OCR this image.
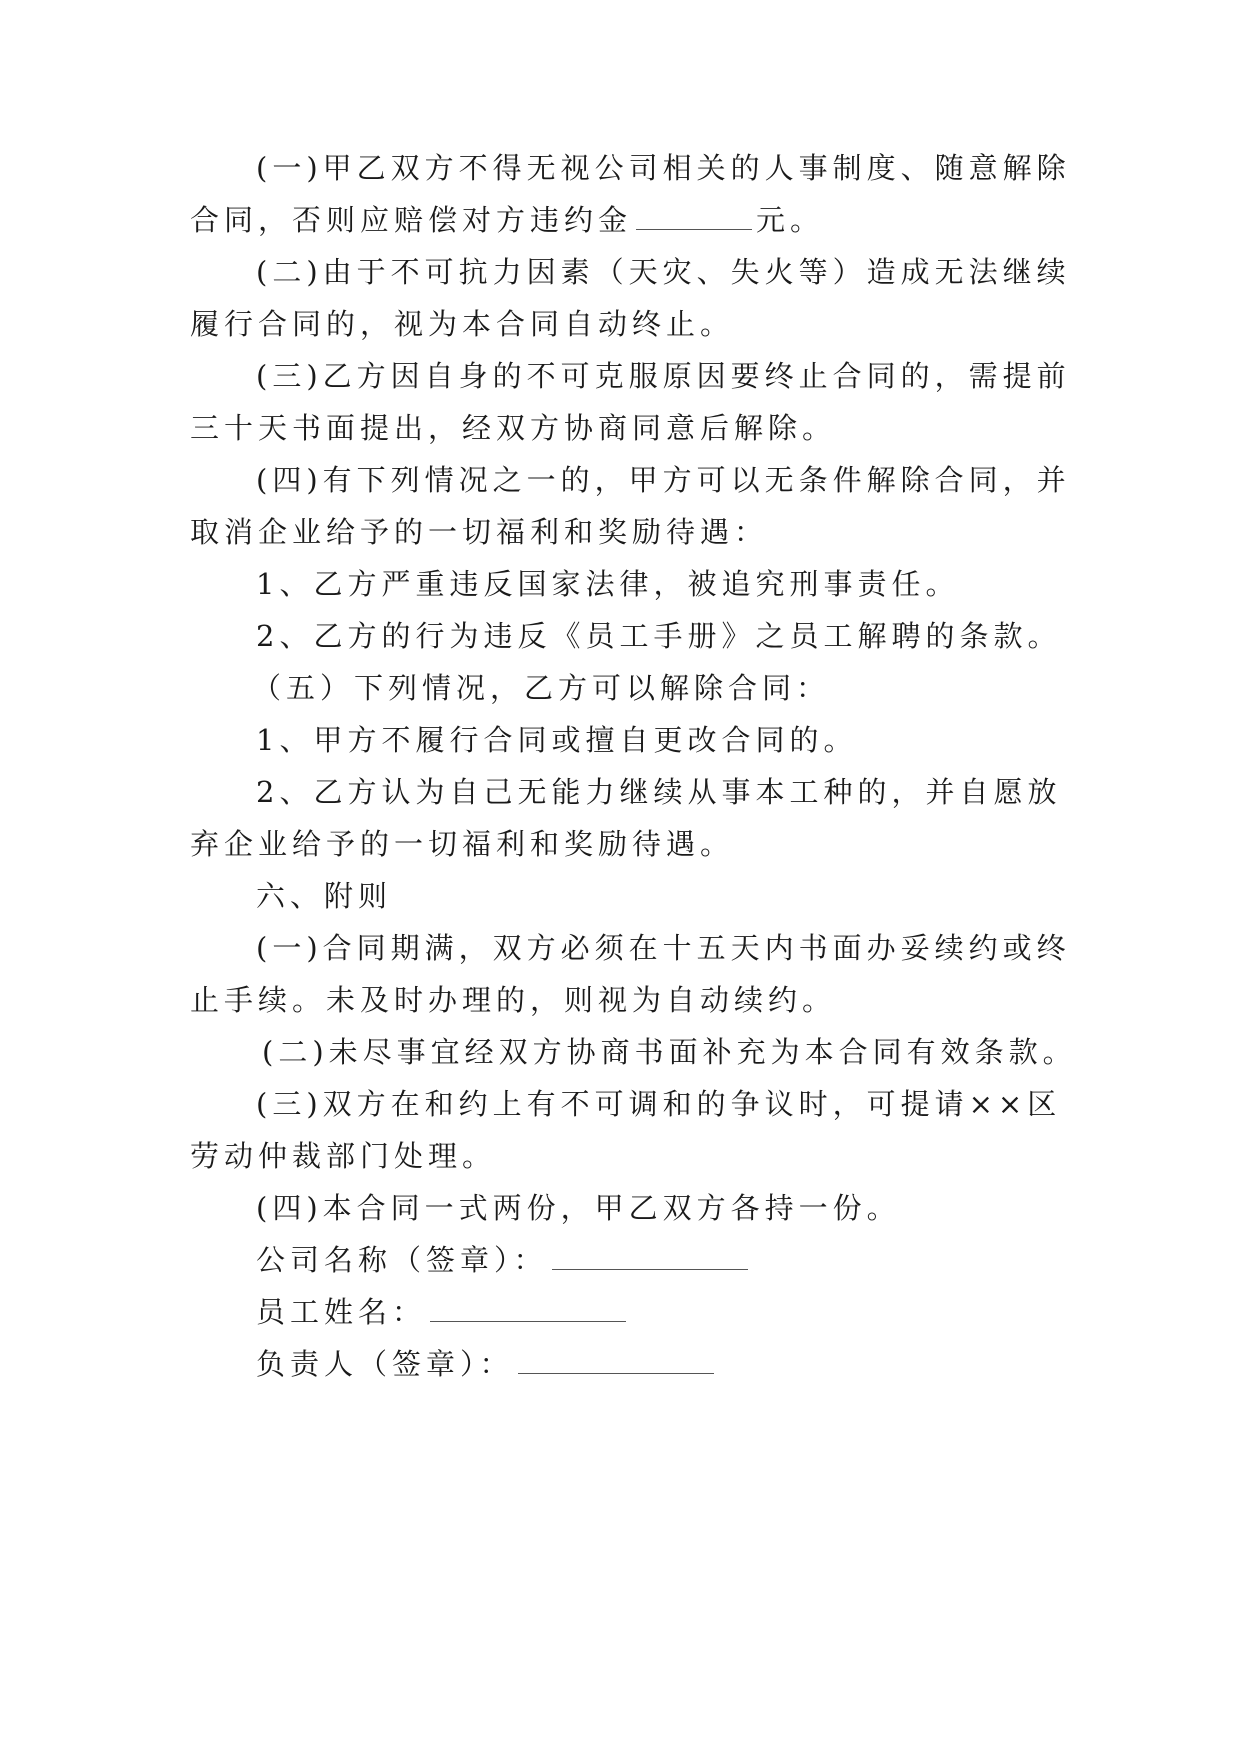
(一)甲乙双方不得无视公司相关的人事制度、随意解除
合同，否则应赔偿对方违约金	元。
(二)由于不可抗力因素（天灾、失火等）造成无法继续
履行合同的，视为本合同自动终止。
(三)乙方因自身的不可克服原因要终止合同的，需提前
三十天书面提出，经双方协商同意后解除。
(四)有下列情况之一的，甲方可以无条件解除合同，并
取消企业给予的一切福利和奖励待遇：
1、乙方严重违反国家法律，被追究刑事责任。
2、乙方的行为违反《员工手册》之员工解聘的条款。
（五）下列情况，乙方可以解除合同：
1、甲方不履行合同或擅自更改合同的。
2、乙方认为自己无能力继续从事本工种的，并自愿放
弃企业给予的一切福利和奖励待遇。
六、附则
(一)合同期满，双方必须在十五天内书面办妥续约或终
止手续。未及时办理的，则视为自动续约。
(二)未尽事宜经双方协商书面补充为本合同有效条款。
(三)双方在和约上有不可调和的争议时，可提请××区
劳动仲裁部门处理。
(四)本合同一式两份，甲乙双方各持一份。
公司名称（签章）：
员工姓名：
负责人（签章）：
